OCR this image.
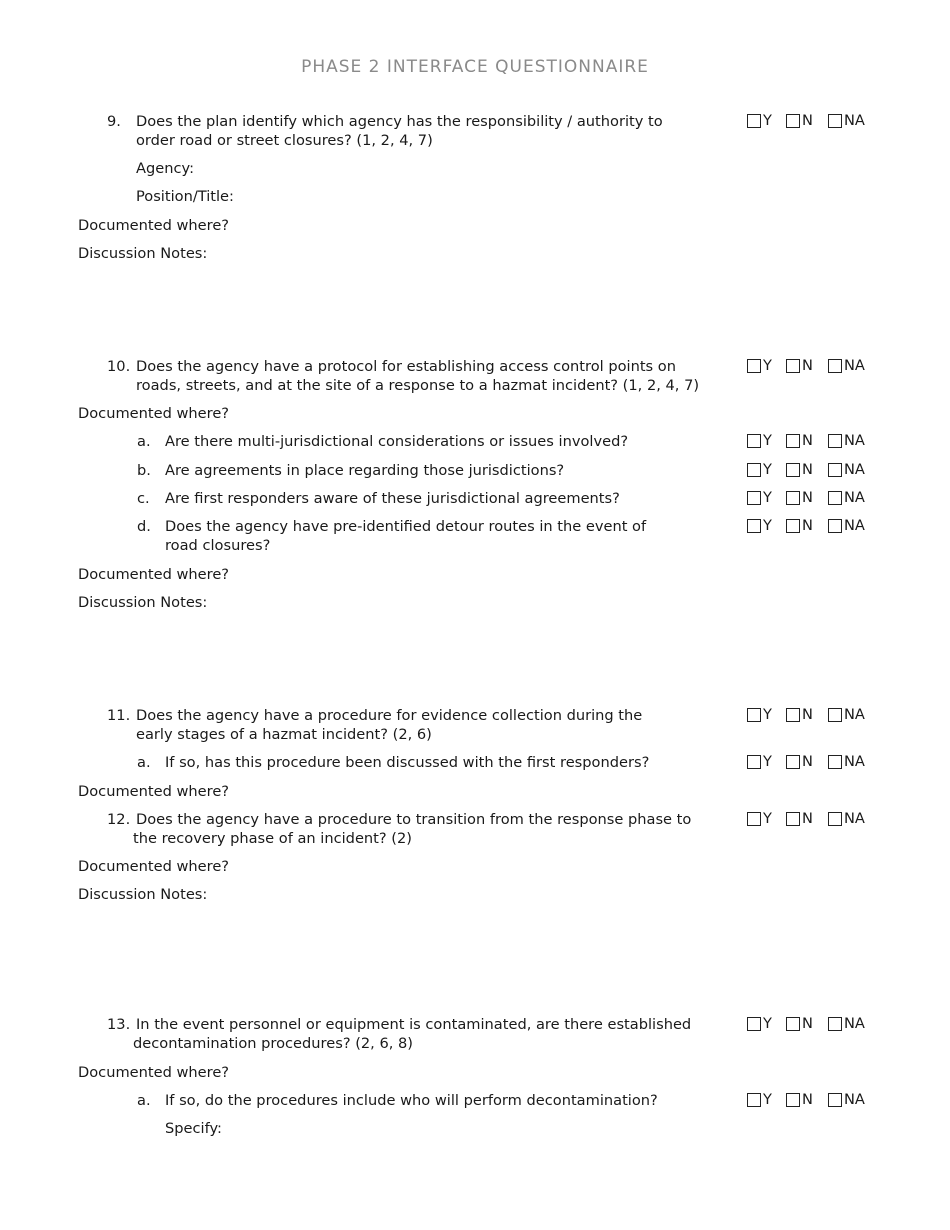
PHASE 2 INTERFACE QUESTIONNAIRE
9. Does the plan identify which agency has the responsibility / authority to
order road or street closures? (1, 2, 4, 7)
Y N NA
Agency:
Position/Title:
Documented where?
Discussion Notes:
10. Does the agency have a protocol for establishing access control points on
roads, streets, and at the site of a response to a hazmat incident? (1, 2, 4, 7)
Y N NA
Documented where?
a. Are there multi-jurisdictional considerations or issues involved?	Y N NA
b. Are agreements in place regarding those jurisdictions?	Y N NA
c. Are first responders aware of these jurisdictional agreements?	Y N NA
d. Does the agency have pre-identified detour routes in the event of
road closures?
Y N NA
Documented where?
Discussion Notes:
11. Does the agency have a procedure for evidence collection during the
early stages of a hazmat incident? (2, 6)
Y N NA
a. If so, has this procedure been discussed with the first responders?	Y N NA
Documented where?
12. Does the agency have a procedure to transition from the response phase to
the recovery phase of an incident? (2)
Y N NA
Documented where?
Discussion Notes:
13. In the event personnel or equipment is contaminated, are there established
decontamination procedures? (2, 6, 8)
Y N NA
Documented where?
a. If so, do the procedures include who will perform decontamination?	Y N NA
Specify:
